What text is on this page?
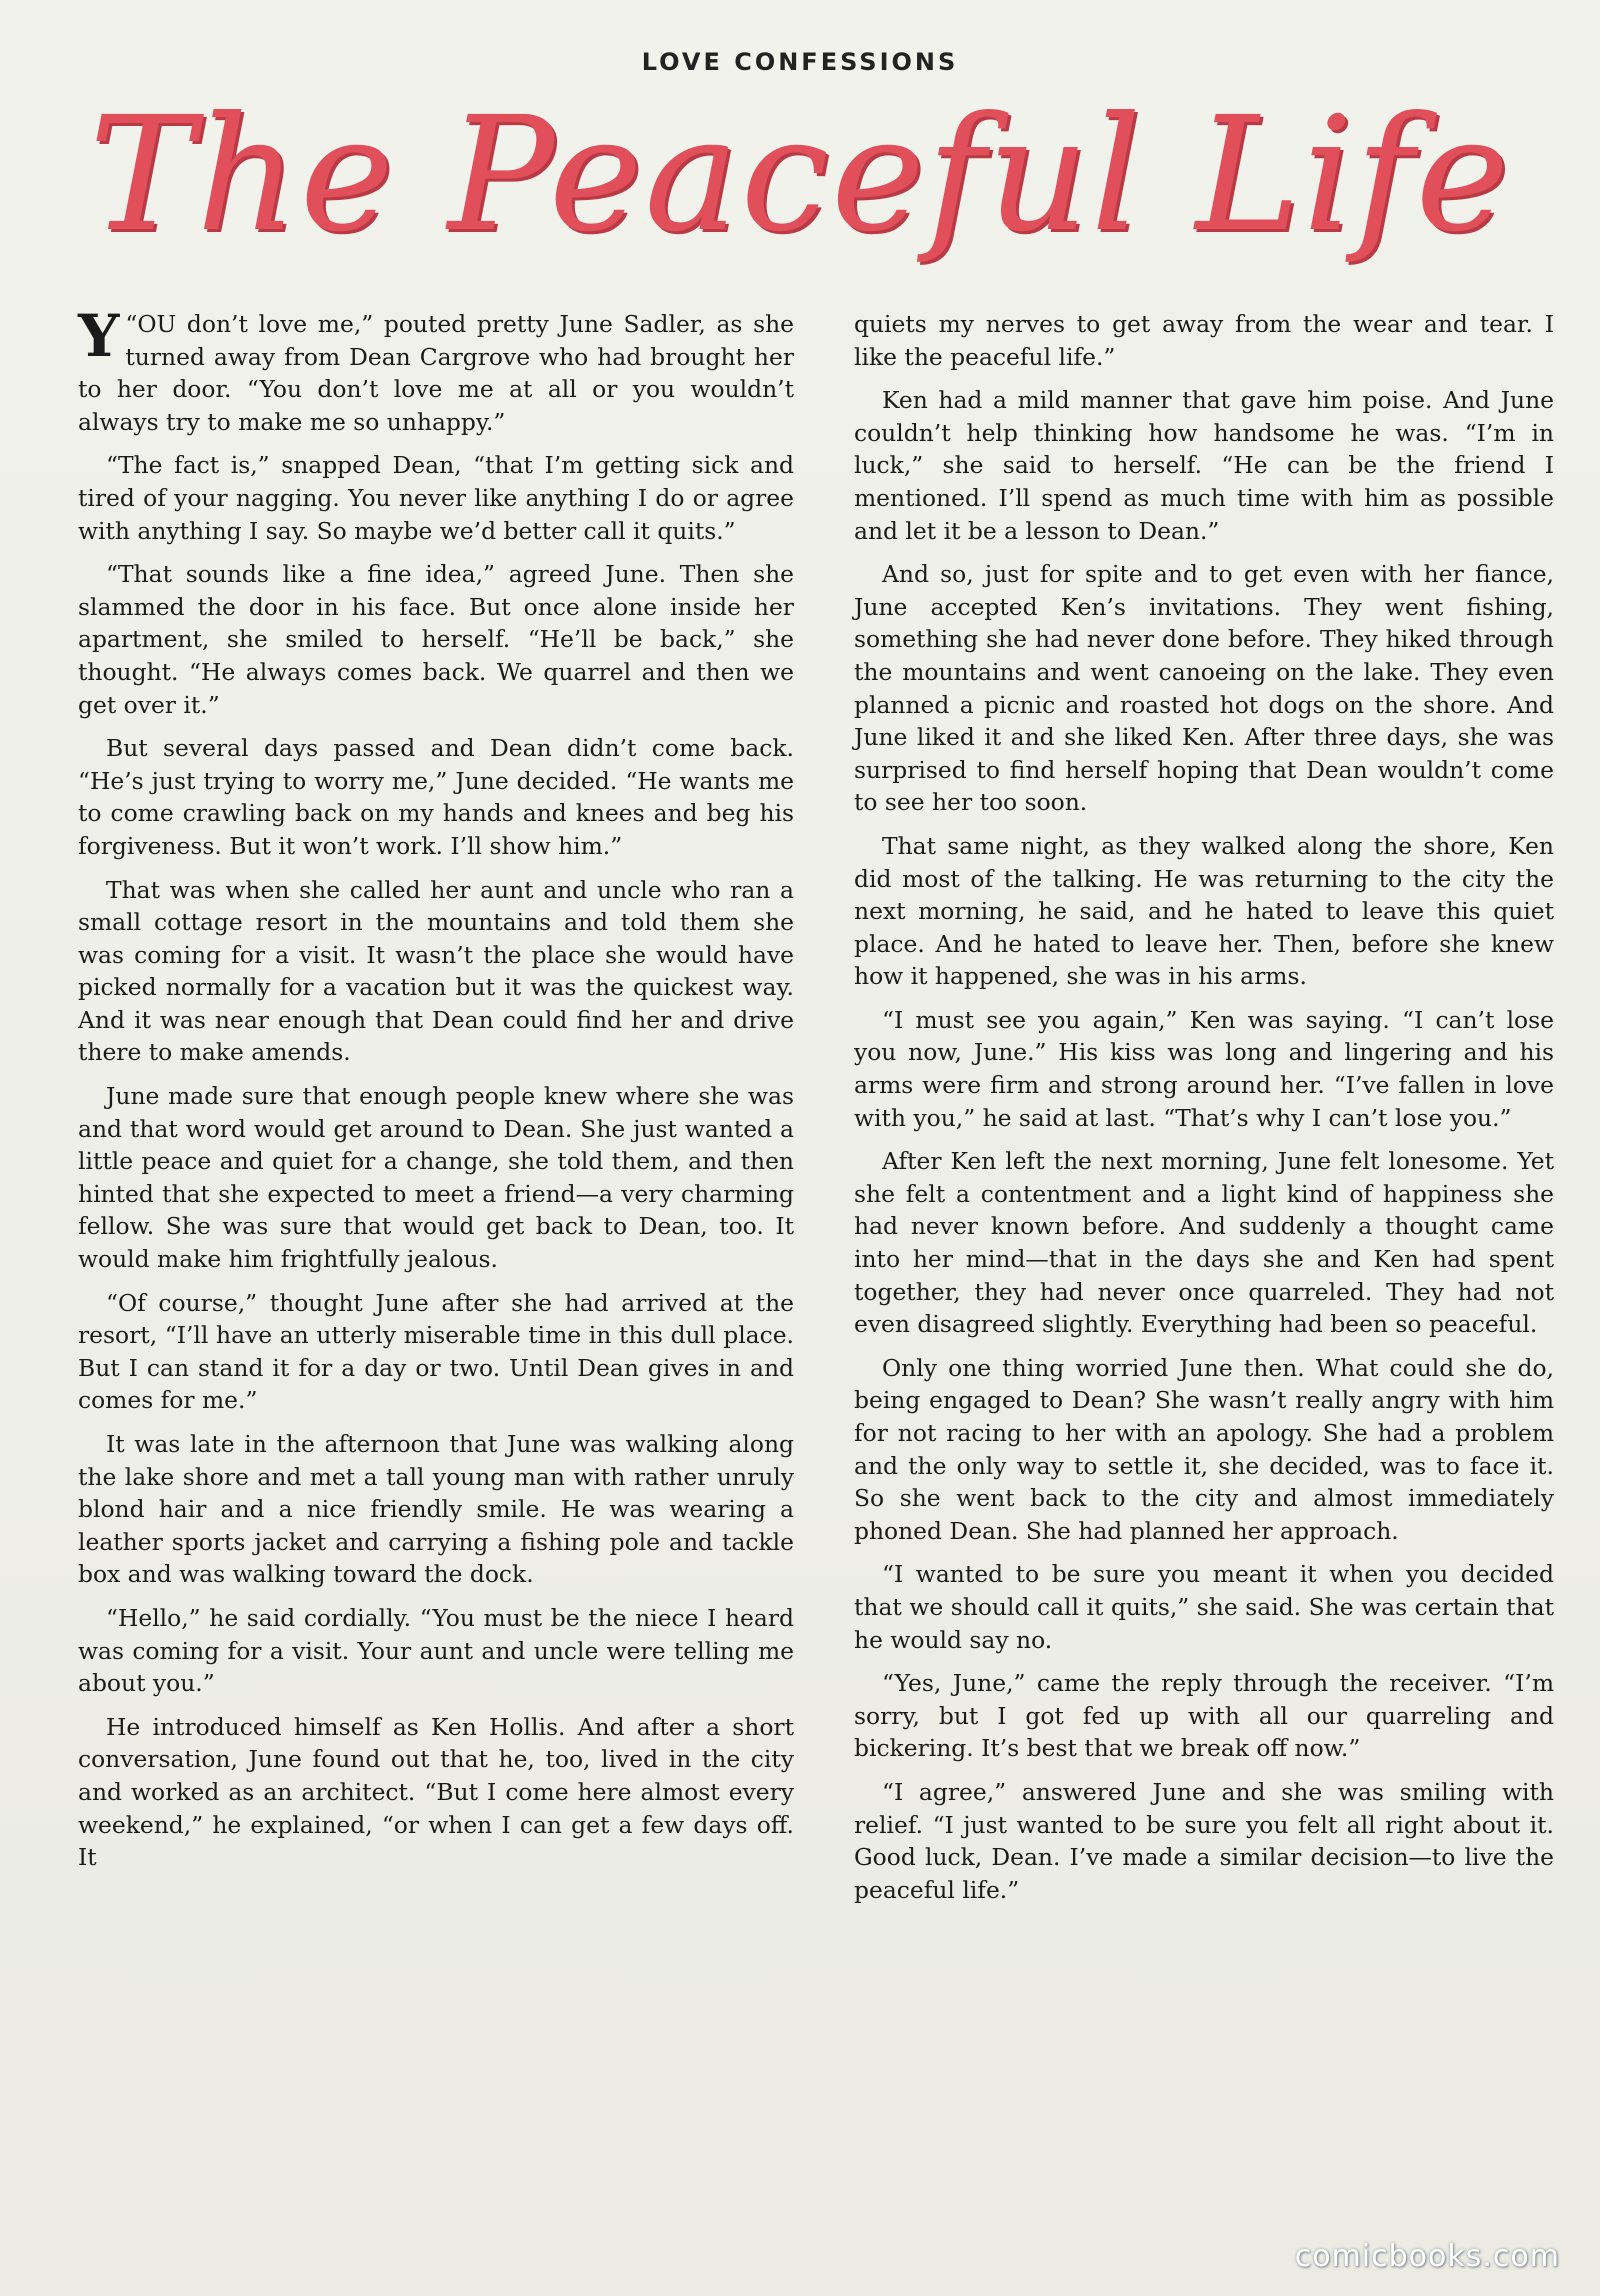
LOVE CONFESSIONS
The Peaceful Life

“
Y OU don’t love me,” pouted pretty June Sadler, as she turned away from Dean Cargrove who had brought her to her door. “You don’t love me at all or you wouldn’t always try to make me so unhappy.”

“The fact is,” snapped Dean, “that I’m getting sick and tired of your nagging. You never like anything I do or agree with anything I say. So maybe we’d better call it quits.”

“That sounds like a fine idea,” agreed June. Then she slammed the door in his face. But once alone inside her apartment, she smiled to herself. “He’ll be back,” she thought. “He always comes back. We quarrel and then we get over it.”

But several days passed and Dean didn’t come back. “He’s just trying to worry me,” June decided. “He wants me to come crawling back on my hands and knees and beg his forgiveness. But it won’t work. I’ll show him.”

That was when she called her aunt and uncle who ran a small cottage resort in the mountains and told them she was coming for a visit. It wasn’t the place she would have picked normally for a vacation but it was the quickest way. And it was near enough that Dean could find her and drive there to make amends.

June made sure that enough people knew where she was and that word would get around to Dean. She just wanted a little peace and quiet for a change, she told them, and then hinted that she expected to meet a friend—a very charming fellow. She was sure that would get back to Dean, too. It would make him frightfully jealous.

“Of course,” thought June after she had arrived at the resort, “I’ll have an utterly miserable time in this dull place. But I can stand it for a day or two. Until Dean gives in and comes for me.”

It was late in the afternoon that June was walking along the lake shore and met a tall young man with rather unruly blond hair and a nice friendly smile. He was wearing a leather sports jacket and carrying a fishing pole and tackle box and was walking toward the dock.

“Hello,” he said cordially. “You must be the niece I heard was coming for a visit. Your aunt and uncle were telling me about you.”

He introduced himself as Ken Hollis. And after a short conversation, June found out that he, too, lived in the city and worked as an architect. “But I come here almost every weekend,” he explained, “or when I can get a few days off. It

quiets my nerves to get away from the wear and tear. I like the peaceful life.”

Ken had a mild manner that gave him poise. And June couldn’t help thinking how handsome he was. “I’m in luck,” she said to herself. “He can be the friend I mentioned. I’ll spend as much time with him as possible and let it be a lesson to Dean.”

And so, just for spite and to get even with her fiance, June accepted Ken’s invitations. They went fishing, something she had never done before. They hiked through the mountains and went canoeing on the lake. They even planned a picnic and roasted hot dogs on the shore. And June liked it and she liked Ken. After three days, she was surprised to find herself hoping that Dean wouldn’t come to see her too soon.

That same night, as they walked along the shore, Ken did most of the talking. He was returning to the city the next morning, he said, and he hated to leave this quiet place. And he hated to leave her. Then, before she knew how it happened, she was in his arms.

“I must see you again,” Ken was saying. “I can’t lose you now, June.” His kiss was long and lingering and his arms were firm and strong around her. “I’ve fallen in love with you,” he said at last. “That’s why I can’t lose you.”

After Ken left the next morning, June felt lonesome. Yet she felt a contentment and a light kind of happiness she had never known before. And suddenly a thought came into her mind—that in the days she and Ken had spent together, they had never once quarreled. They had not even disagreed slightly. Everything had been so peaceful.

Only one thing worried June then. What could she do, being engaged to Dean? She wasn’t really angry with him for not racing to her with an apology. She had a problem and the only way to settle it, she decided, was to face it. So she went back to the city and almost immediately phoned Dean. She had planned her approach.

“I wanted to be sure you meant it when you decided that we should call it quits,” she said. She was certain that he would say no.

“Yes, June,” came the reply through the receiver. “I’m sorry, but I got fed up with all our quarreling and bickering. It’s best that we break off now.”

“I agree,” answered June and she was smiling with relief. “I just wanted to be sure you felt all right about it. Good luck, Dean. I’ve made a similar decision—to live the peaceful life.”

comicbooks.com
